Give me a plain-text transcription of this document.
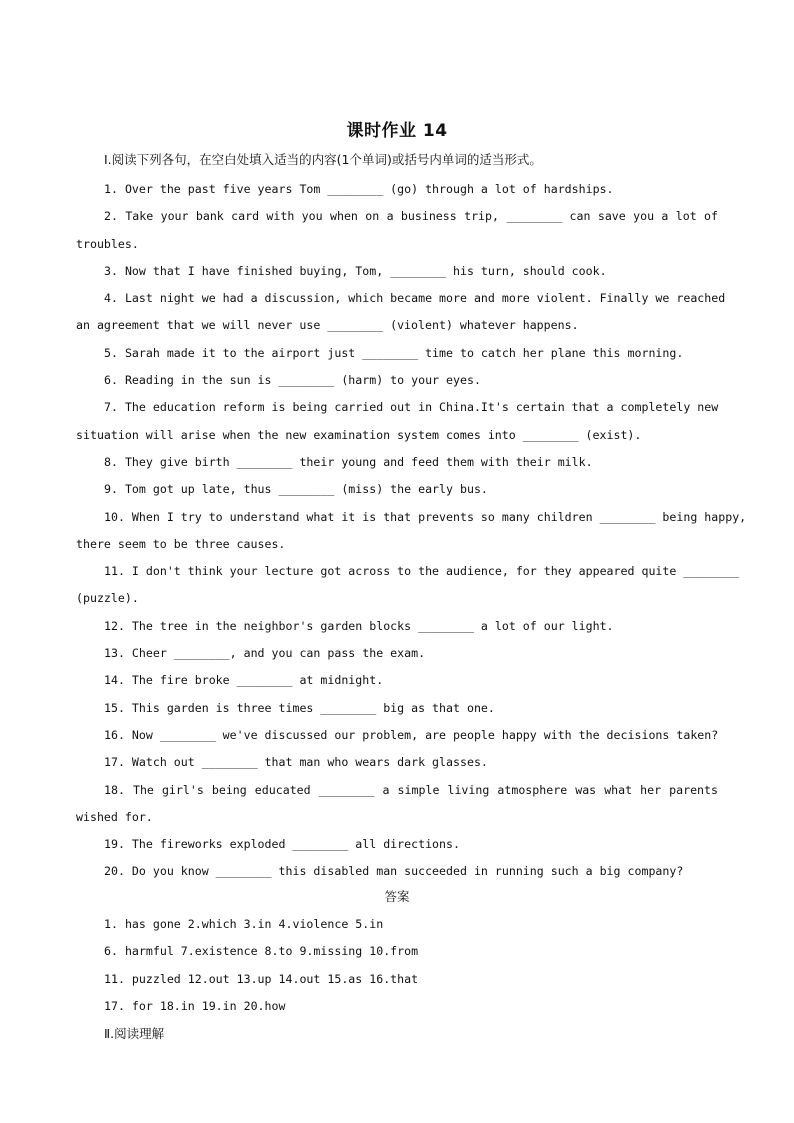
课时作业 14
Ⅰ.阅读下列各句，在空白处填入适当的内容(1个单词)或括号内单词的适当形式。
1. Over the past five years Tom ________ (go) through a lot of hardships.
2. Take your bank card with you when on a business trip, ________ can save you a lot of
troubles.
3. Now that I have finished buying, Tom, ________ his turn, should cook.
4. Last night we had a discussion, which became more and more violent. Finally we reached
an agreement that we will never use ________ (violent) whatever happens.
5. Sarah made it to the airport just ________ time to catch her plane this morning.
6. Reading in the sun is ________ (harm) to your eyes.
7. The education reform is being carried out in China.It's certain that a completely new
situation will arise when the new examination system comes into ________ (exist).
8. They give birth ________ their young and feed them with their milk.
9. Tom got up late, thus ________ (miss) the early bus.
10. When I try to understand what it is that prevents so many children ________ being happy,
there seem to be three causes.
11. I don't think your lecture got across to the audience, for they appeared quite ________
(puzzle).
12. The tree in the neighbor's garden blocks ________ a lot of our light.
13. Cheer ________, and you can pass the exam.
14. The fire broke ________ at midnight.
15. This garden is three times ________ big as that one.
16. Now ________ we've discussed our problem, are people happy with the decisions taken?
17. Watch out ________ that man who wears dark glasses.
18. The girl's being educated ________ a simple living atmosphere was what her parents
wished for.
19. The fireworks exploded ________ all directions.
20. Do you know ________ this disabled man succeeded in running such a big company?
答案
1. has gone 2.which 3.in 4.violence 5.in
6. harmful 7.existence 8.to 9.missing 10.from
11. puzzled 12.out 13.up 14.out 15.as 16.that
17. for 18.in 19.in 20.how
Ⅱ.阅读理解
